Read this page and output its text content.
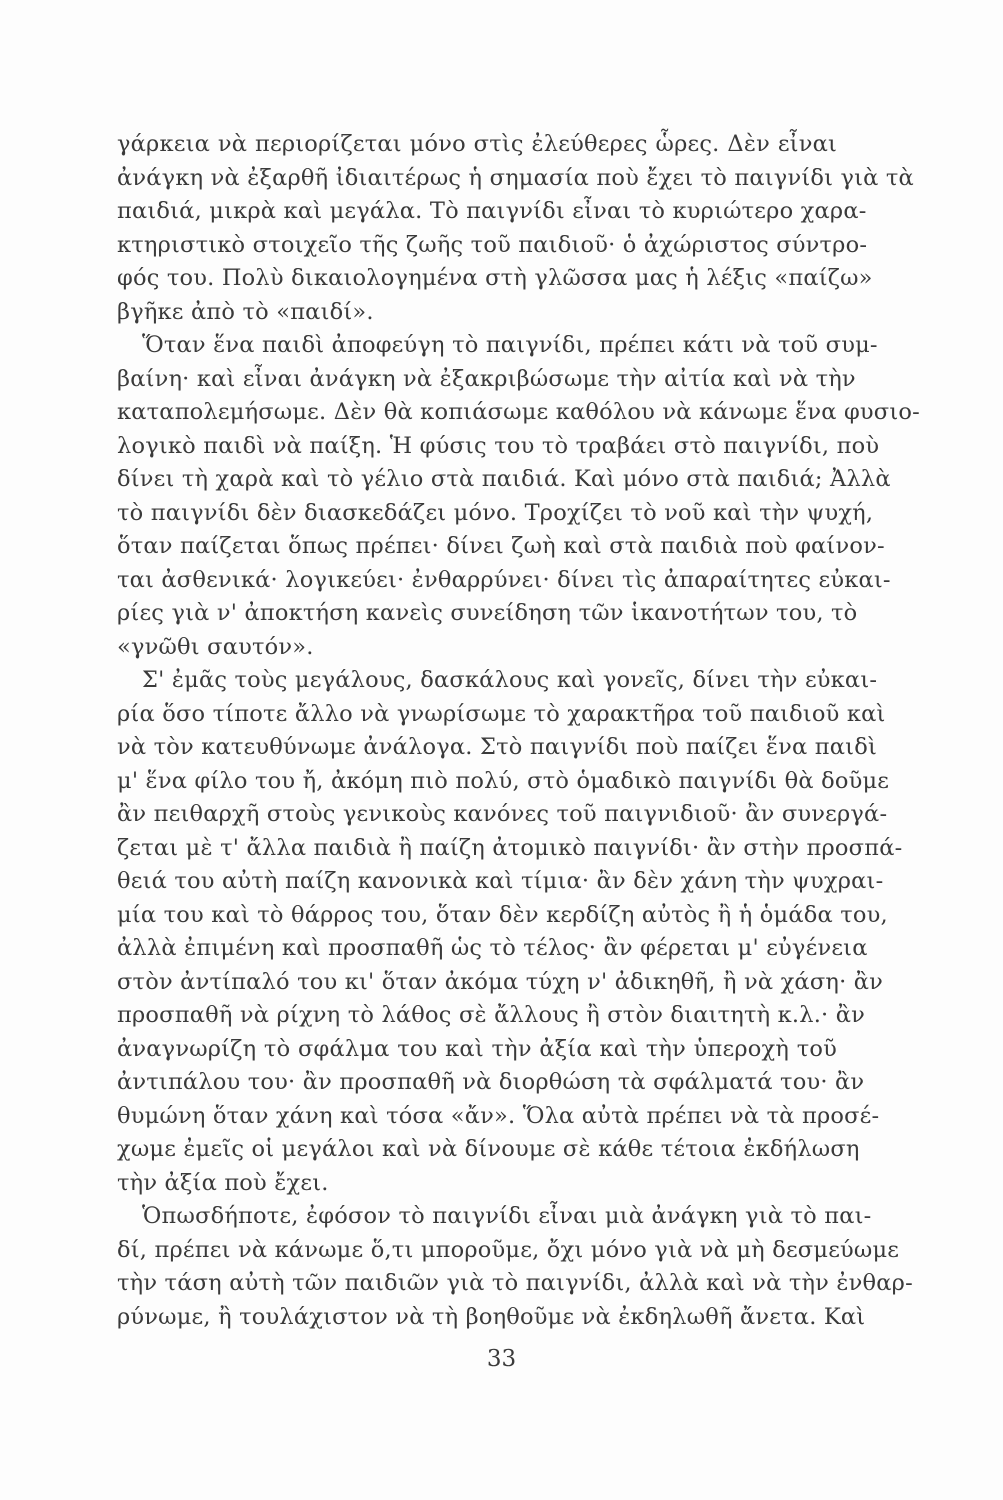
γάρκεια νὰ περιορίζεται μόνο στὶς ἐλεύθερες ὧρες. Δὲν εἶναι
ἀνάγκη νὰ ἐξαρθῆ ἰδιαιτέρως ἡ σημασία ποὺ ἔχει τὸ παιγνίδι γιὰ τὰ
παιδιά, μικρὰ καὶ μεγάλα. Τὸ παιγνίδι εἶναι τὸ κυριώτερο χαρα-
κτηριστικὸ στοιχεῖο τῆς ζωῆς τοῦ παιδιοῦ· ὁ ἀχώριστος σύντρο-
φός του. Πολὺ δικαιολογημένα στὴ γλῶσσα μας ἡ λέξις «παίζω»
βγῆκε ἀπὸ τὸ «παιδί».
Ὅταν ἕνα παιδὶ ἀποφεύγη τὸ παιγνίδι, πρέπει κάτι νὰ τοῦ συμ-
βαίνη· καὶ εἶναι ἀνάγκη νὰ ἐξακριβώσωμε τὴν αἰτία καὶ νὰ τὴν
καταπολεμήσωμε. Δὲν θὰ κοπιάσωμε καθόλου νὰ κάνωμε ἕνα φυσιο-
λογικὸ παιδὶ νὰ παίξη. Ἡ φύσις του τὸ τραβάει στὸ παιγνίδι, ποὺ
δίνει τὴ χαρὰ καὶ τὸ γέλιο στὰ παιδιά. Καὶ μόνο στὰ παιδιά; Ἀλλὰ
τὸ παιγνίδι δὲν διασκεδάζει μόνο. Τροχίζει τὸ νοῦ καὶ τὴν ψυχή,
ὅταν παίζεται ὅπως πρέπει· δίνει ζωὴ καὶ στὰ παιδιὰ ποὺ φαίνον-
ται ἀσθενικά· λογικεύει· ἐνθαρρύνει· δίνει τὶς ἀπαραίτητες εὐκαι-
ρίες γιὰ ν' ἀποκτήση κανεὶς συνείδηση τῶν ἱκανοτήτων του, τὸ
«γνῶθι σαυτόν».
Σ' ἐμᾶς τοὺς μεγάλους, δασκάλους καὶ γονεῖς, δίνει τὴν εὐκαι-
ρία ὅσο τίποτε ἄλλο νὰ γνωρίσωμε τὸ χαρακτῆρα τοῦ παιδιοῦ καὶ
νὰ τὸν κατευθύνωμε ἀνάλογα. Στὸ παιγνίδι ποὺ παίζει ἕνα παιδὶ
μ' ἕνα φίλο του ἤ, ἀκόμη πιὸ πολύ, στὸ ὁμαδικὸ παιγνίδι θὰ δοῦμε
ἂν πειθαρχῆ στοὺς γενικοὺς κανόνες τοῦ παιγνιδιοῦ· ἂν συνεργά-
ζεται μὲ τ' ἄλλα παιδιὰ ἢ παίζη ἀτομικὸ παιγνίδι· ἂν στὴν προσπά-
θειά του αὐτὴ παίζη κανονικὰ καὶ τίμια· ἂν δὲν χάνη τὴν ψυχραι-
μία του καὶ τὸ θάρρος του, ὅταν δὲν κερδίζη αὐτὸς ἢ ἡ ὁμάδα του,
ἀλλὰ ἐπιμένη καὶ προσπαθῆ ὡς τὸ τέλος· ἂν φέρεται μ' εὐγένεια
στὸν ἀντίπαλό του κι' ὅταν ἀκόμα τύχη ν' ἀδικηθῆ, ἢ νὰ χάση· ἂν
προσπαθῆ νὰ ρίχνη τὸ λάθος σὲ ἄλλους ἢ στὸν διαιτητὴ κ.λ.· ἂν
ἀναγνωρίζη τὸ σφάλμα του καὶ τὴν ἀξία καὶ τὴν ὑπεροχὴ τοῦ
ἀντιπάλου του· ἂν προσπαθῆ νὰ διορθώση τὰ σφάλματά του· ἂν
θυμώνη ὅταν χάνη καὶ τόσα «ἄν». Ὅλα αὐτὰ πρέπει νὰ τὰ προσέ-
χωμε ἐμεῖς οἱ μεγάλοι καὶ νὰ δίνουμε σὲ κάθε τέτοια ἐκδήλωση
τὴν ἀξία ποὺ ἔχει.
Ὁπωσδήποτε, ἐφόσον τὸ παιγνίδι εἶναι μιὰ ἀνάγκη γιὰ τὸ παι-
δί, πρέπει νὰ κάνωμε ὅ,τι μποροῦμε, ὄχι μόνο γιὰ νὰ μὴ δεσμεύωμε
τὴν τάση αὐτὴ τῶν παιδιῶν γιὰ τὸ παιγνίδι, ἀλλὰ καὶ νὰ τὴν ἐνθαρ-
ρύνωμε, ἢ τουλάχιστον νὰ τὴ βοηθοῦμε νὰ ἐκδηλωθῆ ἄνετα. Καὶ
33
